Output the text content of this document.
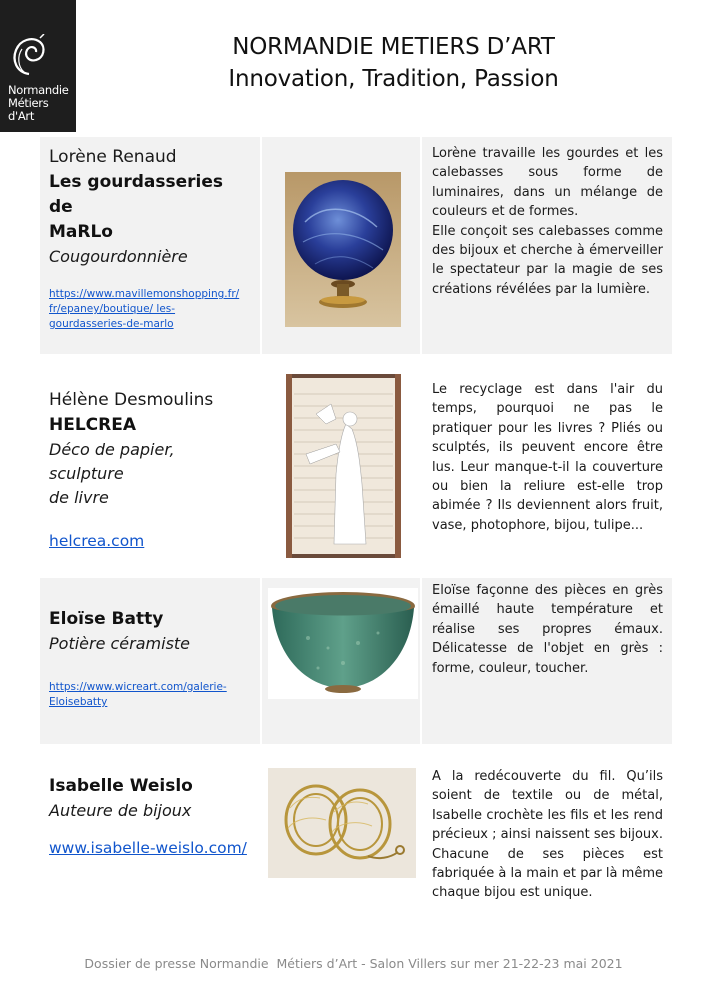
Normandie
Métiers
d'Art
NORMANDIE METIERS D’ART
Innovation, Tradition, Passion
Lorène Renaud
Les gourdasseries de
MaRLo
Cougourdonnière
https://www.mavillemonshopping.fr/
fr/epaney/boutique/ les-
gourdasseries-de-marlo

Lorène travaille les gourdes et les calebasses sous forme de luminaires, dans un mélange de couleurs et de formes.

Elle conçoit ses calebasses comme des bijoux et cherche à émerveiller le spectateur par la magie de ses créations révélées par la lumière.

Hélène Desmoulins
HELCREA
Déco de papier, sculpture
de livre
helcrea.com

Le recyclage est dans l'air du temps, pourquoi ne pas le pratiquer pour les livres ? Pliés ou sculptés, ils peuvent encore être lus. Leur manque-t-il la couverture ou bien la reliure est-elle trop abimée ? Ils deviennent alors fruit, vase, photophore, bijou, tulipe...

Eloïse Batty
Potière céramiste
https://www.wicreart.com/galerie-
Eloisebatty

Eloïse façonne des pièces en grès émaillé haute température et réalise ses propres émaux. Délicatesse de l'objet en grès : forme, couleur, toucher.

Isabelle Weislo
Auteure de bijoux
www.isabelle-weislo.com/

A la redécouverte du fil. Qu’ils soient de textile ou de métal, Isabelle crochète les fils et les rend précieux ; ainsi naissent ses bijoux. Chacune de ses pièces est fabriquée à la main et par là même chaque bijou est unique.

Dossier de presse Normandie  Métiers d’Art - Salon Villers sur mer 21-22-23 mai 2021
